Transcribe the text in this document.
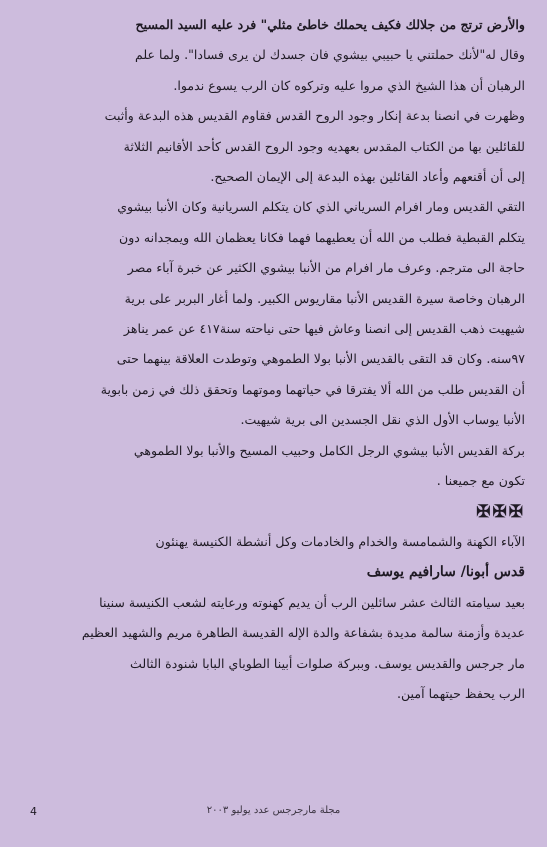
والأرض ترتج من جلالك فكيف يحملك خاطئ مثلي" فرد عليه السيد المسيح
وقال له"لأنك حملتني يا حبيبي بيشوي فان جسدك لن يرى فسادا". ولما علم
الرهبان أن هذا الشيخ الذي مروا عليه وتركوه كان الرب يسوع ندموا.
وظهرت في انصنا بدعة إنكار وجود الروح القدس فقاوم القديس هذه البدعة وأثبت
للقائلين بها من الكتاب المقدس بعهديه وجود الروح القدس كأحد الأقانيم الثلاثة
إلى أن أقنعهم وأعاد القائلين بهذه البدعة إلى الإيمان الصحيح.
التقي القديس ومار افرام السرياني الذي كان يتكلم السريانية وكان الأنبا بيشوي
يتكلم القبطية فطلب من الله أن يعطيهما فهما فكانا يعظمان الله ويمجدانه دون
حاجة الى مترجم. وعرف مار افرام من الأنبا بيشوي الكثير عن خبرة آباء مصر
الرهبان وخاصة سيرة القديس الأنبا مقاريوس الكبير. ولما أغار البربر على برية
شيهيت ذهب القديس إلى انصنا وعاش فيها حتى نياحته سنة٤١٧ عن عمر يناهز
٩٧سنه. وكان قد التقى بالقديس الأنبا بولا الطموهي وتوطدت العلاقة بينهما حتى
أن القديس طلب من الله ألا يفترقا في حياتهما وموتهما وتحقق ذلك في زمن بابوية
الأنبا يوساب الأول الذي نقل الجسدين الى برية شيهيت.
بركة القديس الأنبا بيشوي الرجل الكامل وحبيب المسيح والأنبا بولا الطموهي
تكون مع جميعنا .
✠✠✠
الآباء الكهنة والشمامسة والخدام والخادمات وكل أنشطة الكنيسة يهنئون
قدس أبونا/ سارافيم يوسف
بعيد سيامته الثالث عشر سائلين الرب أن يديم كهنوته ورعايته لشعب الكنيسة سنينا
عديدة وأزمنة سالمة مديدة بشفاعة والدة الإله القديسة الطاهرة مريم والشهيد العظيم
مار جرجس والقديس يوسف. وببركة صلوات أبينا الطوباي البابا شنودة الثالث
الرب يحفظ حيتهما آمين.
4	مجلة مارجرجس عدد يوليو ٢٠٠٣
